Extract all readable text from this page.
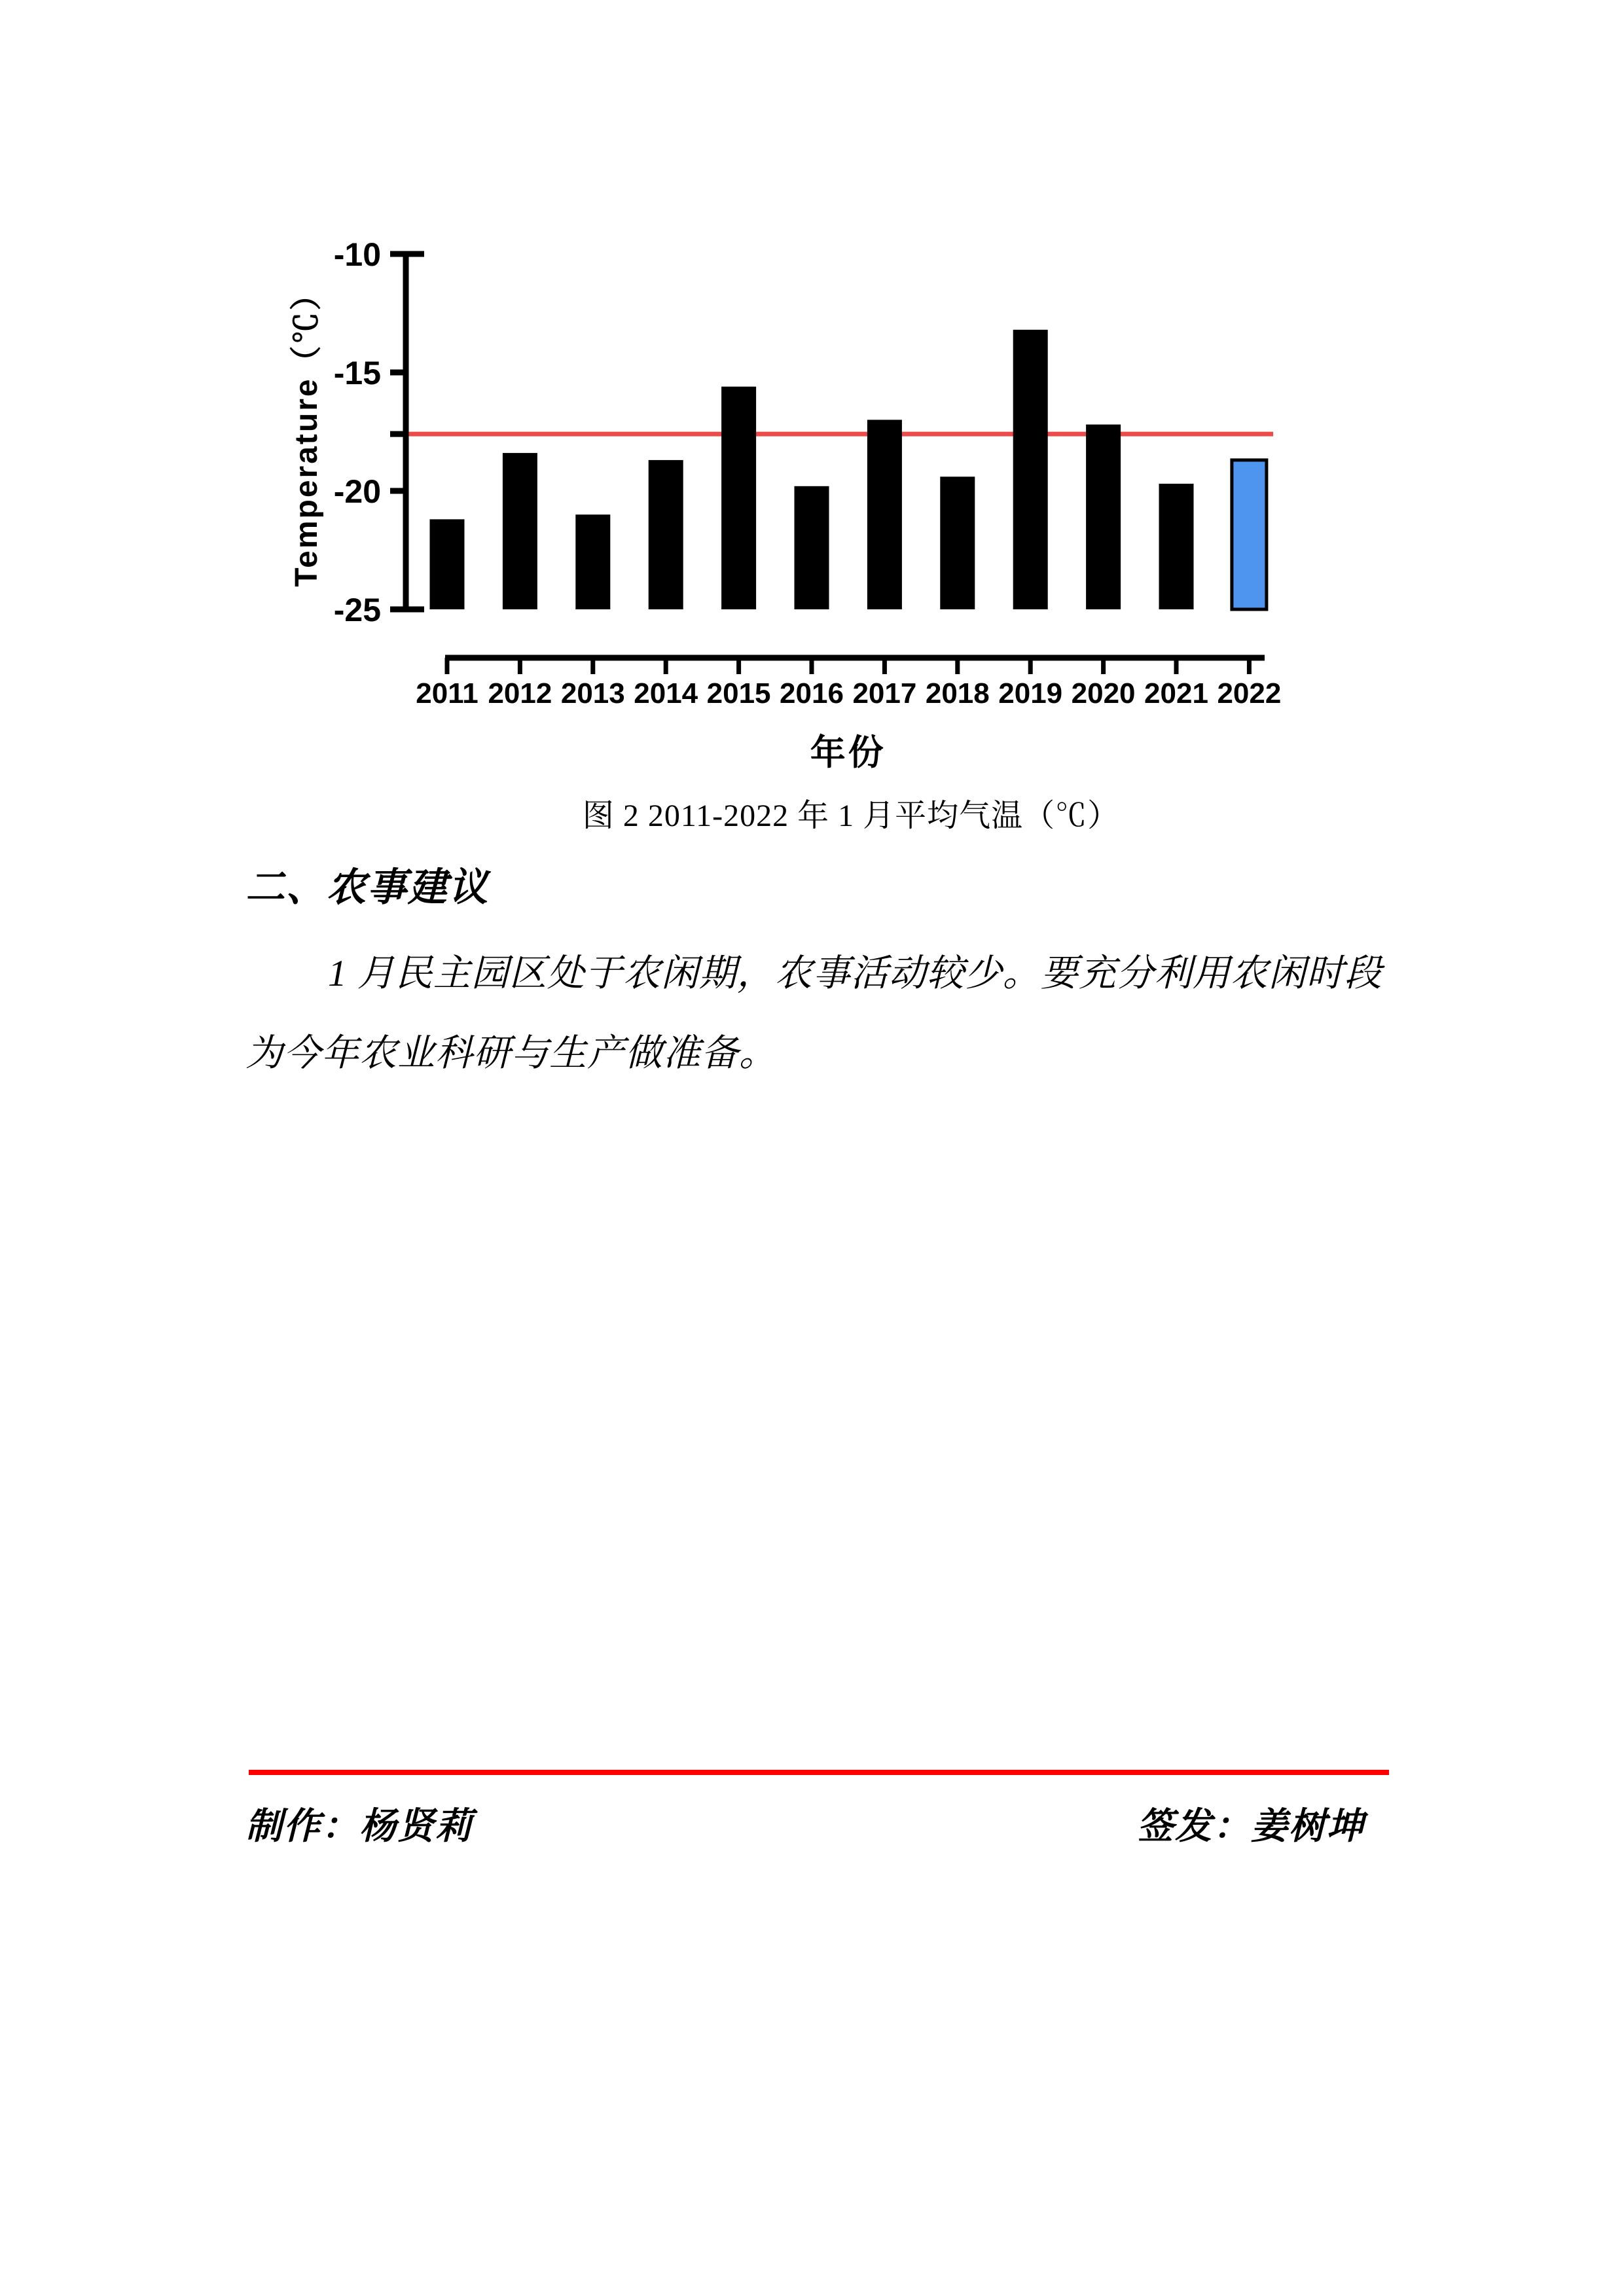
-10
-15
-20
-25
Temperature（℃）
2011 2012 2013 2014 2015 2016 2017 2018 2019 2020 2021 2022
年份
图 2 2011-2022 年 1 月平均气温（℃）
二、农事建议
1 月民主园区处于农闲期，农事活动较少。要充分利用农闲时段
为今年农业科研与生产做准备。
制作：杨贤莉	签发：姜树坤
